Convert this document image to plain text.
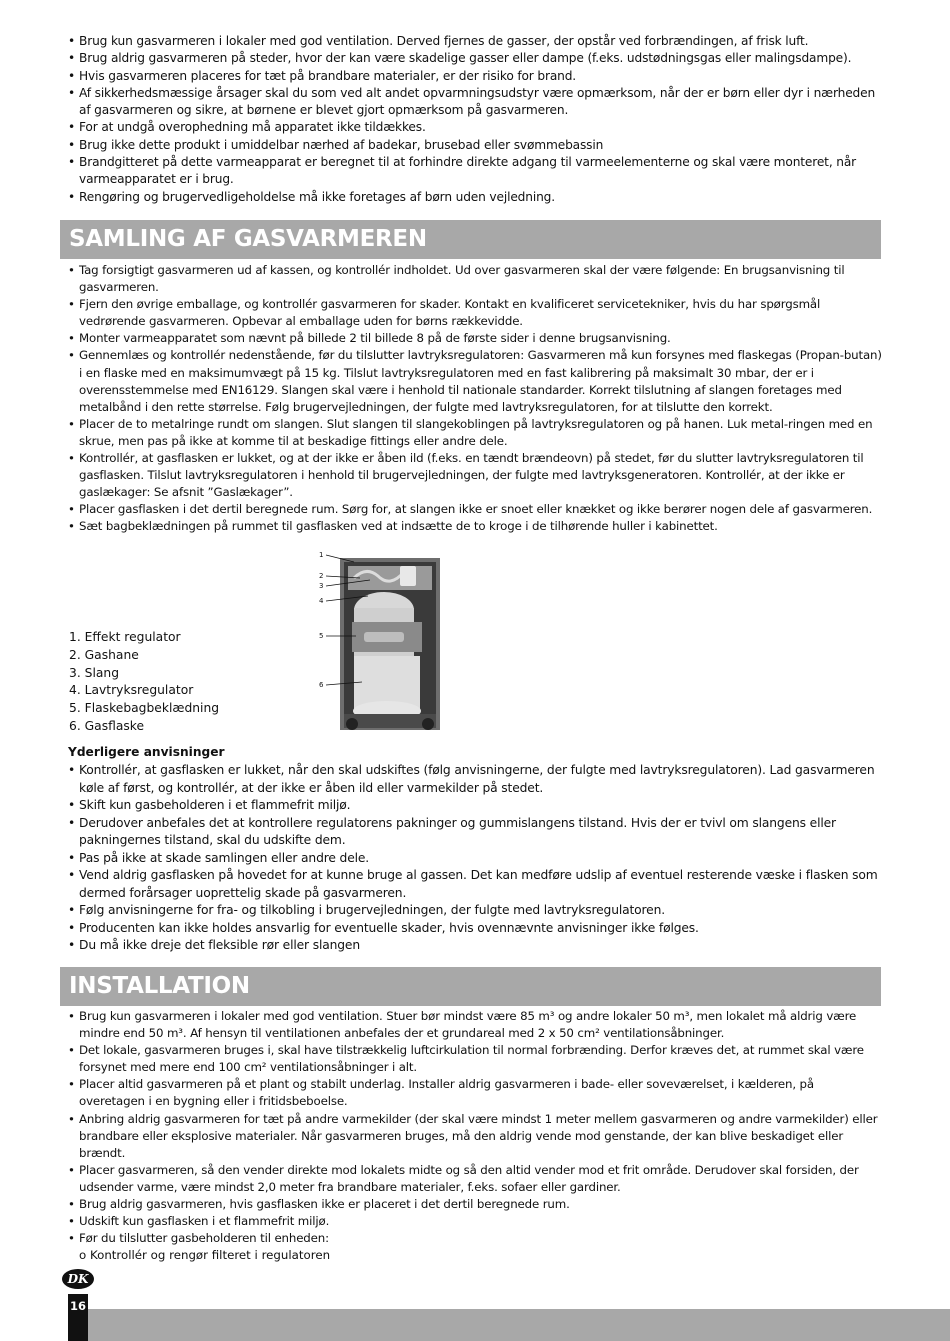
• Brug kun gasvarmeren i lokaler med god ventilation. Derved fjernes de gasser, der opstår ved forbrændingen, af frisk luft.
• Brug aldrig gasvarmeren på steder, hvor der kan være skadelige gasser eller dampe (f.eks. udstødningsgas eller malingsdampe).
• Hvis gasvarmeren placeres for tæt på brandbare materialer, er der risiko for brand.
• Af sikkerhedsmæssige årsager skal du som ved alt andet opvarmningsudstyr være opmærksom, når der er børn eller dyr i nærheden af gasvarmeren og sikre, at børnene er blevet gjort opmærksom på gasvarmeren.
• For at undgå overophedning må apparatet ikke tildækkes.
• Brug ikke dette produkt i umiddelbar nærhed af badekar, brusebad eller svømmebassin
• Brandgitteret på dette varmeapparat er beregnet til at forhindre direkte adgang til varmeelementerne og skal være monteret, når varmeapparatet er i brug.
• Rengøring og brugervedligeholdelse må ikke foretages af børn uden vejledning.
SAMLING AF GASVARMEREN
• Tag forsigtigt gasvarmeren ud af kassen, og kontrollér indholdet. Ud over gasvarmeren skal der være følgende: En brugsanvisning til gasvarmeren.
• Fjern den øvrige emballage, og kontrollér gasvarmeren for skader. Kontakt en kvalificeret servicetekniker, hvis du har spørgsmål vedrørende gasvarmeren. Opbevar al emballage uden for børns rækkevidde.
• Monter varmeapparatet som nævnt på billede 2 til billede 8 på de første sider i denne brugsanvisning.
• Gennemlæs og kontrollér nedenstående, før du tilslutter lavtryksregulatoren: Gasvarmeren må kun forsynes med flaskegas (Propan-butan) i en flaske med en maksimumvægt på 15 kg. Tilslut lavtryksregulatoren med en fast kalibrering på maksimalt 30 mbar, der er i overensstemmelse med EN16129. Slangen skal være i henhold til nationale standarder. Korrekt tilslutning af slangen foretages med metalbånd i den rette størrelse. Følg brugervejledningen, der fulgte med lavtryksregulatoren, for at tilslutte den korrekt.
• Placer de to metalringe rundt om slangen. Slut slangen til slangekoblingen på lavtryksregulatoren og på hanen. Luk metal-ringen med en skrue, men pas på ikke at komme til at beskadige fittings eller andre dele.
• Kontrollér, at gasflasken er lukket, og at der ikke er åben ild (f.eks. en tændt brændeovn) på stedet, før du slutter lavtryksregulatoren til gasflasken. Tilslut lavtryksregulatoren i henhold til brugervejledningen, der fulgte med lavtryksgeneratoren. Kontrollér, at der ikke er gaslækager: Se afsnit ”Gaslækager”.
• Placer gasflasken i det dertil beregnede rum. Sørg for, at slangen ikke er snoet eller knækket og ikke berører nogen dele af gasvarmeren.
• Sæt bagbeklædningen på rummet til gasflasken ved at indsætte de to kroge i de tilhørende huller i kabinettet.
1. Effekt regulator
2. Gashane
3. Slang
4. Lavtryksregulator
5. Flaskebagbeklædning
6. Gasflaske
1
2
3
4
5
6
Yderligere anvisninger
• Kontrollér, at gasflasken er lukket, når den skal udskiftes (følg anvisningerne, der fulgte med lavtryksregulatoren). Lad gasvarmeren køle af først, og kontrollér, at der ikke er åben ild eller varmekilder på stedet.
• Skift kun gasbeholderen i et flammefrit miljø.
• Derudover anbefales det at kontrollere regulatorens pakninger og gummislangens tilstand. Hvis der er tvivl om slangens eller pakningernes tilstand, skal du udskifte dem.
• Pas på ikke at skade samlingen eller andre dele.
• Vend aldrig gasflasken på hovedet for at kunne bruge al gassen. Det kan medføre udslip af eventuel resterende væske i flasken som dermed forårsager uoprettelig skade på gasvarmeren.
• Følg anvisningerne for fra- og tilkobling i brugervejledningen, der fulgte med lavtryksregulatoren.
• Producenten kan ikke holdes ansvarlig for eventuelle skader, hvis ovennævnte anvisninger ikke følges.
• Du må ikke dreje det fleksible rør eller slangen
INSTALLATION
• Brug kun gasvarmeren i lokaler med god ventilation. Stuer bør mindst være 85 m³ og andre lokaler 50 m³, men lokalet må aldrig være mindre end 50 m³. Af hensyn til ventilationen anbefales der et grundareal med 2 x 50 cm² ventilationsåbninger.
• Det lokale, gasvarmeren bruges i, skal have tilstrækkelig luftcirkulation til normal forbrænding. Derfor kræves det, at rummet skal være forsynet med mere end 100 cm² ventilationsåbninger i alt.
• Placer altid gasvarmeren på et plant og stabilt underlag. Installer aldrig gasvarmeren i bade- eller soveværelset, i kælderen, på overetagen i en bygning eller i fritidsbeboelse.
• Anbring aldrig gasvarmeren for tæt på andre varmekilder (der skal være mindst 1 meter mellem gasvarmeren og andre varmekilder) eller brandbare eller eksplosive materialer. Når gasvarmeren bruges, må den aldrig vende mod genstande, der kan blive beskadiget eller brændt.
• Placer gasvarmeren, så den vender direkte mod lokalets midte og så den altid vender mod et frit område. Derudover skal forsiden, der udsender varme, være mindst 2,0 meter fra brandbare materialer, f.eks. sofaer eller gardiner.
• Brug aldrig gasvarmeren, hvis gasflasken ikke er placeret i det dertil beregnede rum.
• Udskift kun gasflasken i et flammefrit miljø.
• Før du tilslutter gasbeholderen til enheden:
o Kontrollér og rengør filteret i regulatoren
DK
16
